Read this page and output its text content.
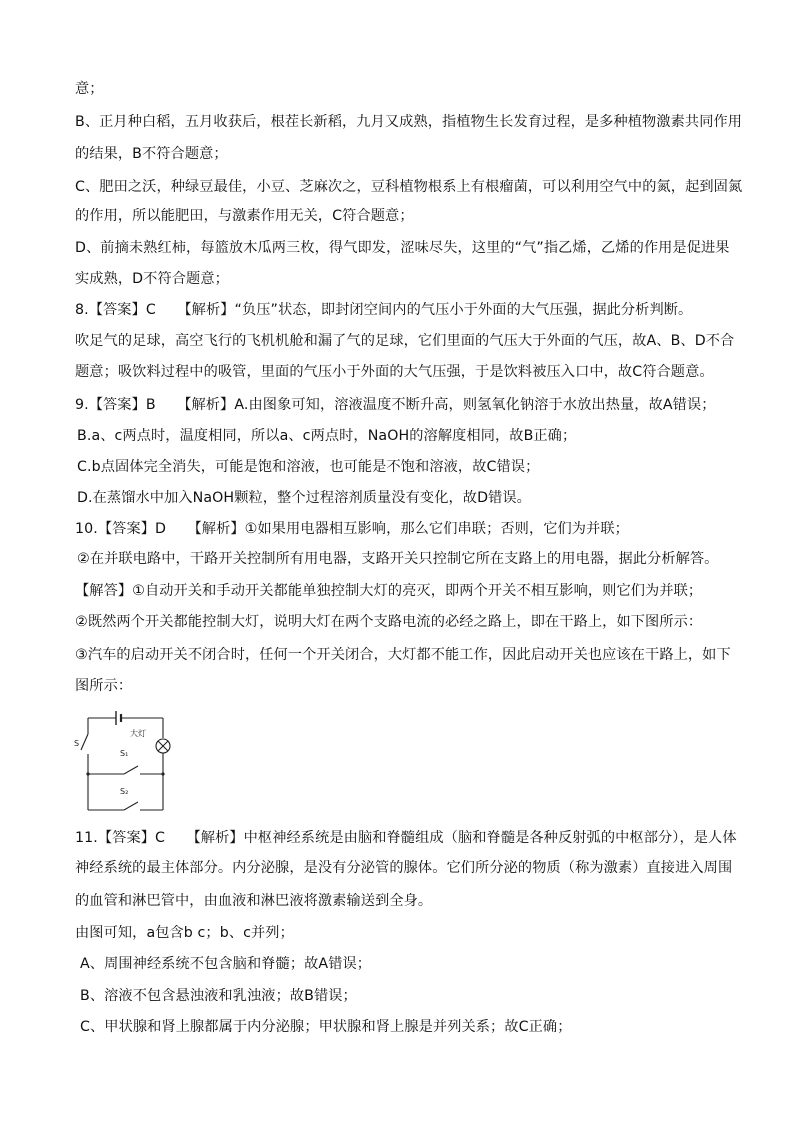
意；
B、正月种白稻，五月收获后，根茬长新稻，九月又成熟，指植物生长发育过程，是多种植物激素共同作用
的结果，B不符合题意；
C、肥田之沃，种绿豆最佳，小豆、芝麻次之，豆科植物根系上有根瘤菌，可以利用空气中的氮，起到固氮
的作用，所以能肥田，与激素作用无关，C符合题意；
D、前摘未熟红柿，每篮放木瓜两三枚，得气即发，涩味尽失，这里的“气”指乙烯，乙烯的作用是促进果
实成熟，D不符合题意；
8.【答案】C　　【解析】“负压”状态，即封闭空间内的气压小于外面的大气压强，据此分析判断。
吹足气的足球，高空飞行的飞机机舱和漏了气的足球，它们里面的气压大于外面的气压，故A、B、D不合
题意；吸饮料过程中的吸管，里面的气压小于外面的大气压强，于是饮料被压入口中，故C符合题意。
9.【答案】B　　【解析】A.由图象可知，溶液温度不断升高，则氢氧化钠溶于水放出热量，故A错误；
B.a、c两点时，温度相同，所以a、c两点时，NaOH的溶解度相同，故B正确；
C.b点固体完全消失，可能是饱和溶液，也可能是不饱和溶液，故C错误；
D.在蒸馏水中加入NaOH颗粒，整个过程溶剂质量没有变化，故D错误。
10.【答案】D　　【解析】①如果用电器相互影响，那么它们串联；否则，它们为并联；
②在并联电路中，干路开关控制所有用电器，支路开关只控制它所在支路上的用电器，据此分析解答。
【解答】①自动开关和手动开关都能单独控制大灯的亮灭，即两个开关不相互影响，则它们为并联；
②既然两个开关都能控制大灯，说明大灯在两个支路电流的必经之路上，即在干路上，如下图所示：
③汽车的启动开关不闭合时，任何一个开关闭合，大灯都不能工作，因此启动开关也应该在干路上，如下
图所示：
大灯
S
S₁
S₂
11.【答案】C　　【解析】中枢神经系统是由脑和脊髓组成（脑和脊髓是各种反射弧的中枢部分），是人体
神经系统的最主体部分。内分泌腺，是没有分泌管的腺体。它们所分泌的物质（称为激素）直接进入周围
的血管和淋巴管中，由血液和淋巴液将激素输送到全身。
由图可知，a包含b c；b、c并列；
A、周围神经系统不包含脑和脊髓；故A错误；
B、溶液不包含悬浊液和乳浊液；故B错误；
C、甲状腺和肾上腺都属于内分泌腺；甲状腺和肾上腺是并列关系；故C正确；
